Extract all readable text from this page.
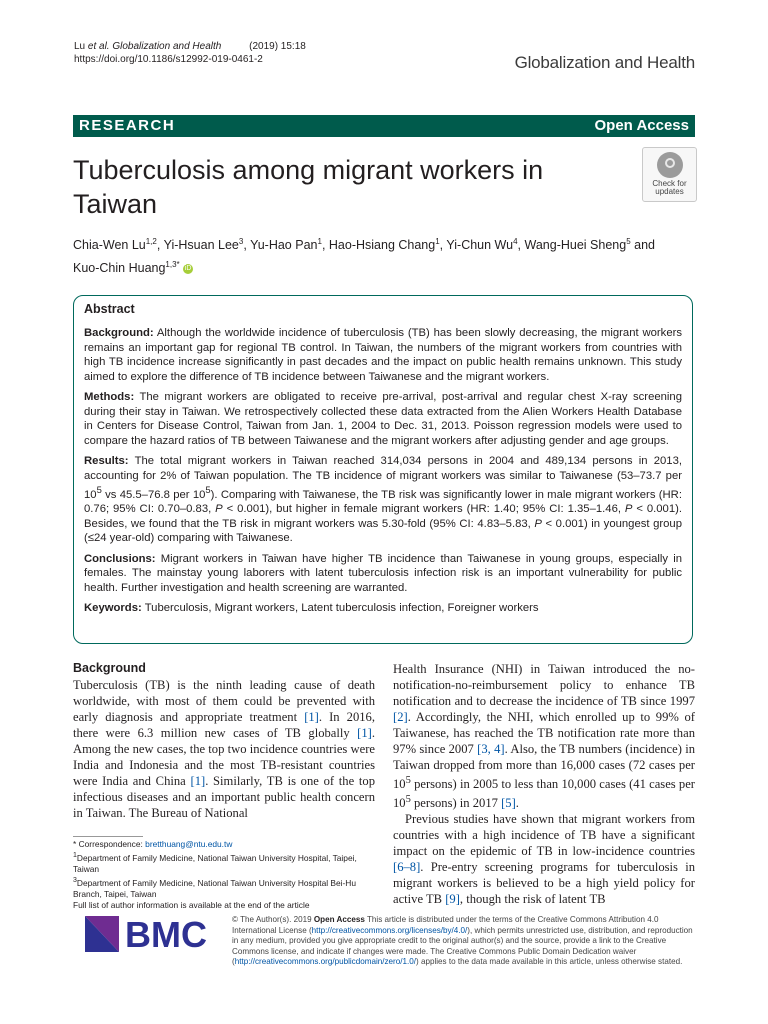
Lu et al. Globalization and Health	(2019) 15:18
https://doi.org/10.1186/s12992-019-0461-2	Globalization and Health
RESEARCH	Open Access
Tuberculosis among migrant workers in Taiwan
Check for
updates
Chia-Wen Lu$^{1,2}$, Yi-Hsuan Lee$^3$, Yu-Hao Pan$^1$, Hao-Hsiang Chang$^1$, Yi-Chun Wu$^4$, Wang-Huei Sheng$^5$ and
Kuo-Chin Huang$^{1,3*}$ iD
Abstract

Background: Although the worldwide incidence of tuberculosis (TB) has been slowly decreasing, the migrant workers remains an important gap for regional TB control. In Taiwan, the numbers of the migrant workers from countries with high TB incidence increase significantly in past decades and the impact on public health remains unknown. This study aimed to explore the difference of TB incidence between Taiwanese and the migrant workers.

Methods: The migrant workers are obligated to receive pre-arrival, post-arrival and regular chest X-ray screening during their stay in Taiwan. We retrospectively collected these data extracted from the Alien Workers Health Database in Centers for Disease Control, Taiwan from Jan. 1, 2004 to Dec. 31, 2013. Poisson regression models were used to compare the hazard ratios of TB between Taiwanese and the migrant workers after adjusting gender and age groups.

Results: The total migrant workers in Taiwan reached 314,034 persons in 2004 and 489,134 persons in 2013, accounting for 2% of Taiwan population. The TB incidence of migrant workers was similar to Taiwanese (53–73.7 per $10^5$ vs 45.5–76.8 per $10^5$). Comparing with Taiwanese, the TB risk was significantly lower in male migrant workers (HR: 0.76; 95% CI: 0.70–0.83, P < 0.001), but higher in female migrant workers (HR: 1.40; 95% CI: 1.35–1.46, P < 0.001). Besides, we found that the TB risk in migrant workers was 5.30-fold (95% CI: 4.83–5.83, P < 0.001) in youngest group (≤24 year-old) comparing with Taiwanese.

Conclusions: Migrant workers in Taiwan have higher TB incidence than Taiwanese in young groups, especially in females. The mainstay young laborers with latent tuberculosis infection risk is an important vulnerability for public health. Further investigation and health screening are warranted.

Keywords: Tuberculosis, Migrant workers, Latent tuberculosis infection, Foreigner workers

Background

Tuberculosis (TB) is the ninth leading cause of death worldwide, with most of them could be prevented with early diagnosis and appropriate treatment [1]. In 2016, there were 6.3 million new cases of TB globally [1]. Among the new cases, the top two incidence countries were India and Indonesia and the most TB-resistant countries were India and China [1]. Similarly, TB is one of the top infectious diseases and an important public health concern in Taiwan. The Bureau of National

Health Insurance (NHI) in Taiwan introduced the no-notification-no-reimbursement policy to enhance TB notification and to decrease the incidence of TB since 1997 [2]. Accordingly, the NHI, which enrolled up to 99% of Taiwanese, has reached the TB notification rate more than 97% since 2007 [3, 4]. Also, the TB numbers (incidence) in Taiwan dropped from more than 16,000 cases (72 cases per $10^5$ persons) in 2005 to less than 10,000 cases (41 cases per $10^5$ persons) in 2017 [5].

Previous studies have shown that migrant workers from countries with a high incidence of TB have a significant impact on the epidemic of TB in low-incidence countries [6–8]. Pre-entry screening programs for tuberculosis in migrant workers is believed to be a high yield policy for active TB [9], though the risk of latent TB

* Correspondence: bretthuang@ntu.edu.tw

$^1$Department of Family Medicine, National Taiwan University Hospital, Taipei, Taiwan

$^3$Department of Family Medicine, National Taiwan University Hospital Bei-Hu Branch, Taipei, Taiwan

Full list of author information is available at the end of the article

BMC	© The Author(s). 2019 Open Access This article is distributed under the terms of the Creative Commons Attribution 4.0 International License (http://creativecommons.org/licenses/by/4.0/), which permits unrestricted use, distribution, and reproduction in any medium, provided you give appropriate credit to the original author(s) and the source, provide a link to the Creative Commons license, and indicate if changes were made. The Creative Commons Public Domain Dedication waiver (http://creativecommons.org/publicdomain/zero/1.0/) applies to the data made available in this article, unless otherwise stated.
